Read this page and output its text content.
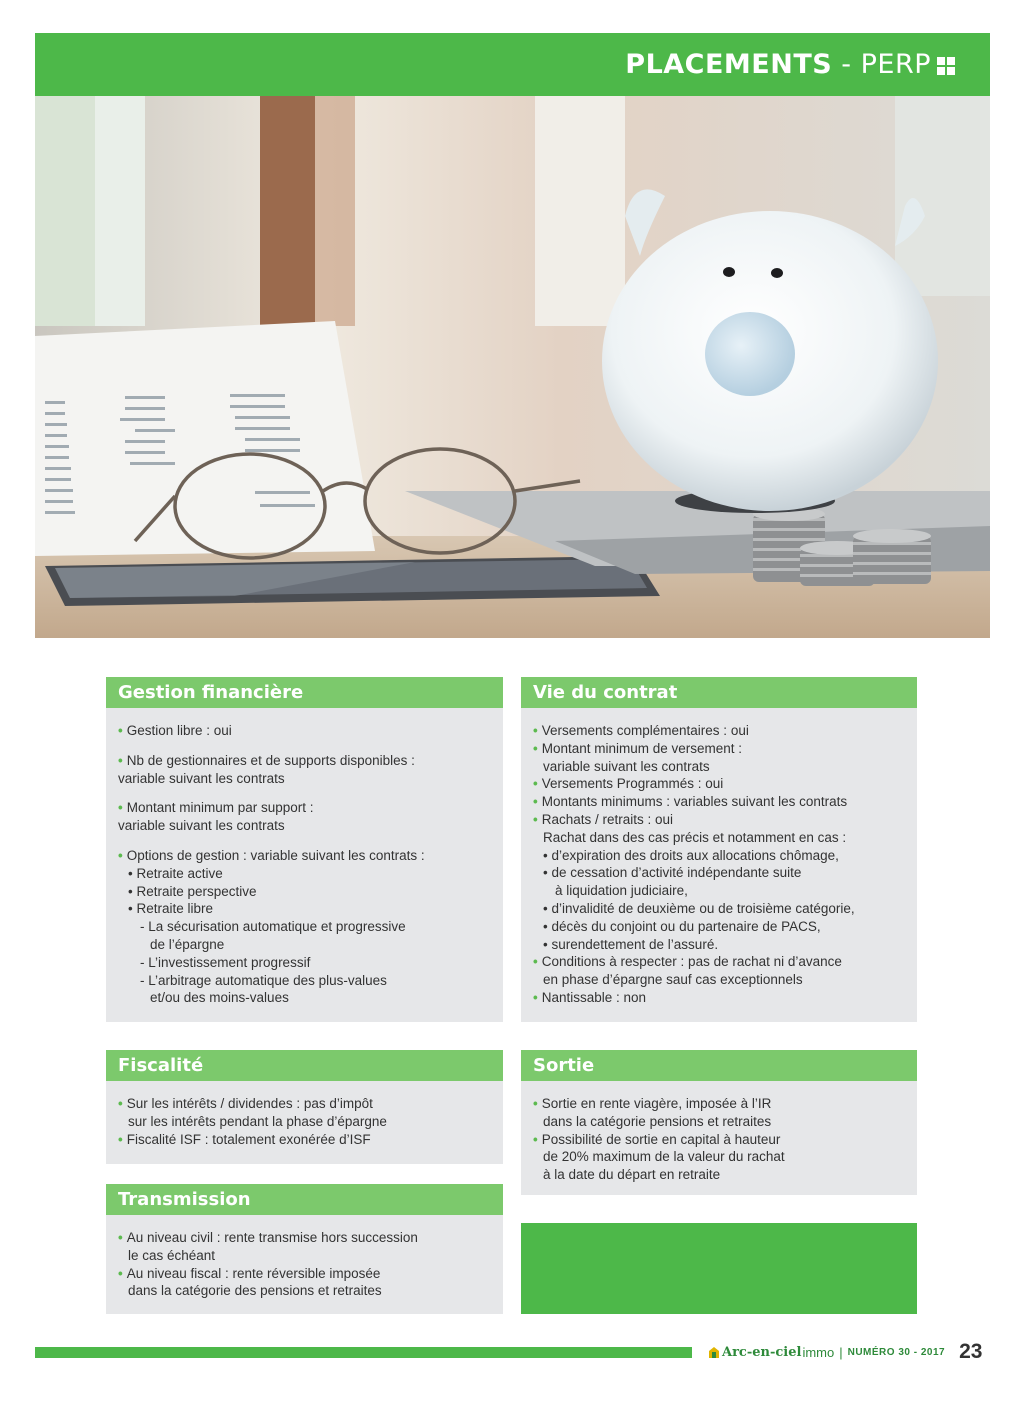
PLACEMENTS - PERP
Gestion financière
• Gestion libre : oui
• Nb de gestionnaires et de supports disponibles :
variable suivant les contrats
• Montant minimum par support :
variable suivant les contrats
• Options de gestion : variable suivant les contrats :
• Retraite active
• Retraite perspective
• Retraite libre
- La sécurisation automatique et progressive
de l’épargne
- L’investissement progressif
- L’arbitrage automatique des plus-values
et/ou des moins-values
Vie du contrat
• Versements complémentaires : oui
• Montant minimum de versement :
variable suivant les contrats
• Versements Programmés : oui
• Montants minimums : variables suivant les contrats
• Rachats / retraits : oui
Rachat dans des cas précis et notamment en cas :
• d’expiration des droits aux allocations chômage,
• de cessation d’activité indépendante suite
à liquidation judiciaire,
• d’invalidité de deuxième ou de troisième catégorie,
• décès du conjoint ou du partenaire de PACS,
• surendettement de l’assuré.
• Conditions à respecter : pas de rachat ni d’avance
en phase d’épargne sauf cas exceptionnels
• Nantissable : non
Fiscalité
• Sur les intérêts / dividendes : pas d’impôt
sur les intérêts pendant la phase d’épargne
• Fiscalité ISF : totalement exonérée d’ISF
Sortie
• Sortie en rente viagère, imposée à l’IR
dans la catégorie pensions et retraites
• Possibilité de sortie en capital à hauteur
de 20% maximum de la valeur du rachat
à la date du départ en retraite
Transmission
• Au niveau civil : rente transmise hors succession
le cas échéant
• Au niveau fiscal : rente réversible imposée
dans la catégorie des pensions et retraites
Arc-en-ciel immo | NUMÉRO 30 - 2017 23
